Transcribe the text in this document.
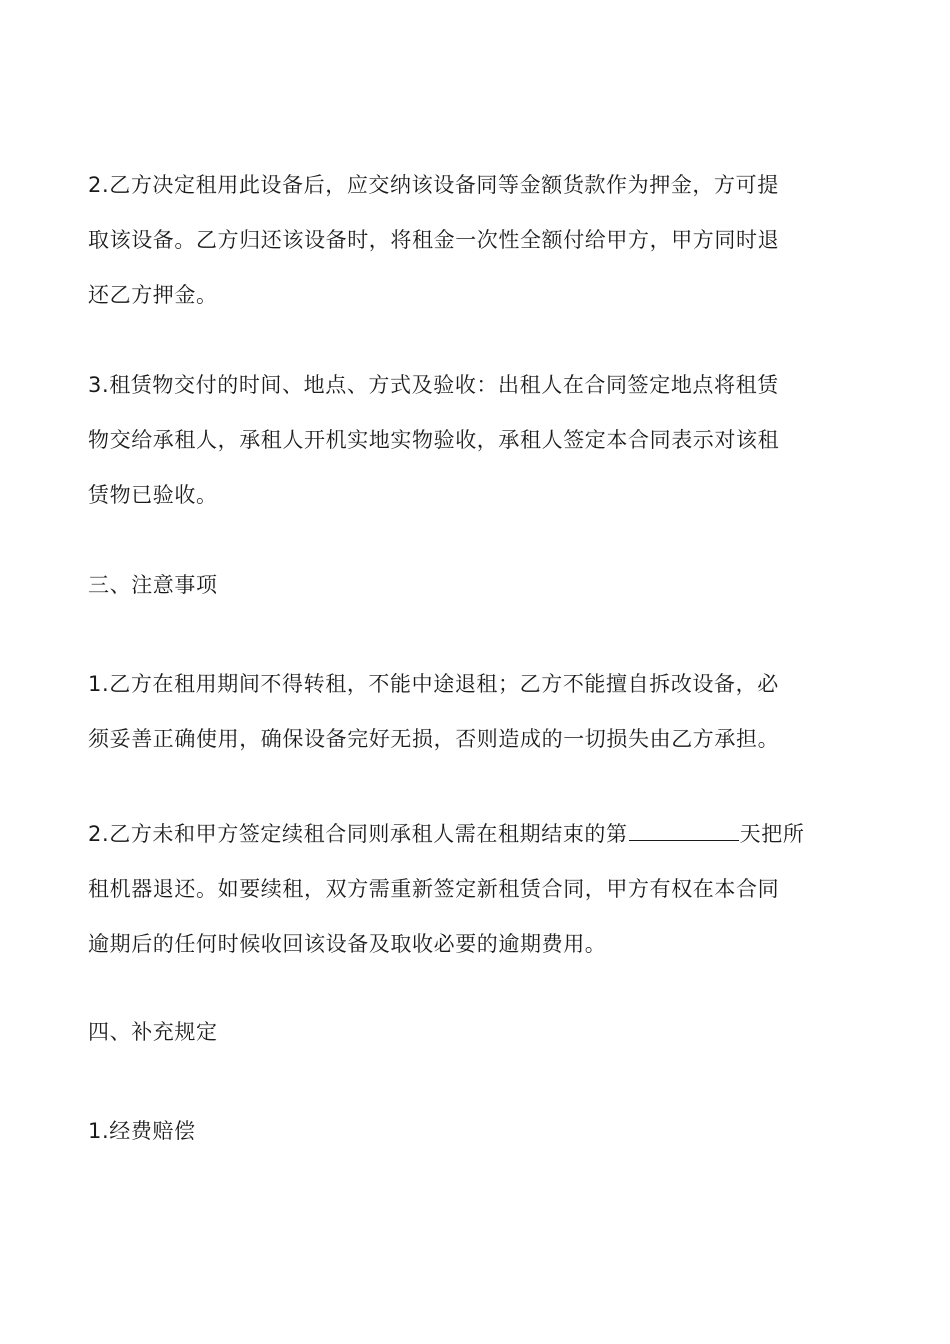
2.乙方决定租用此设备后，应交纳该设备同等金额货款作为押金，方可提
取该设备。乙方归还该设备时，将租金一次性全额付给甲方，甲方同时退
还乙方押金。
3.租赁物交付的时间、地点、方式及验收：出租人在合同签定地点将租赁
物交给承租人，承租人开机实地实物验收，承租人签定本合同表示对该租
赁物已验收。
三、注意事项
1.乙方在租用期间不得转租，不能中途退租；乙方不能擅自拆改设备，必
须妥善正确使用，确保设备完好无损，否则造成的一切损失由乙方承担。
2.乙方未和甲方签定续租合同则承租人需在租期结束的第	天把所
租机器退还。如要续租，双方需重新签定新租赁合同，甲方有权在本合同
逾期后的任何时候收回该设备及取收必要的逾期费用。
四、补充规定
1.经费赔偿
